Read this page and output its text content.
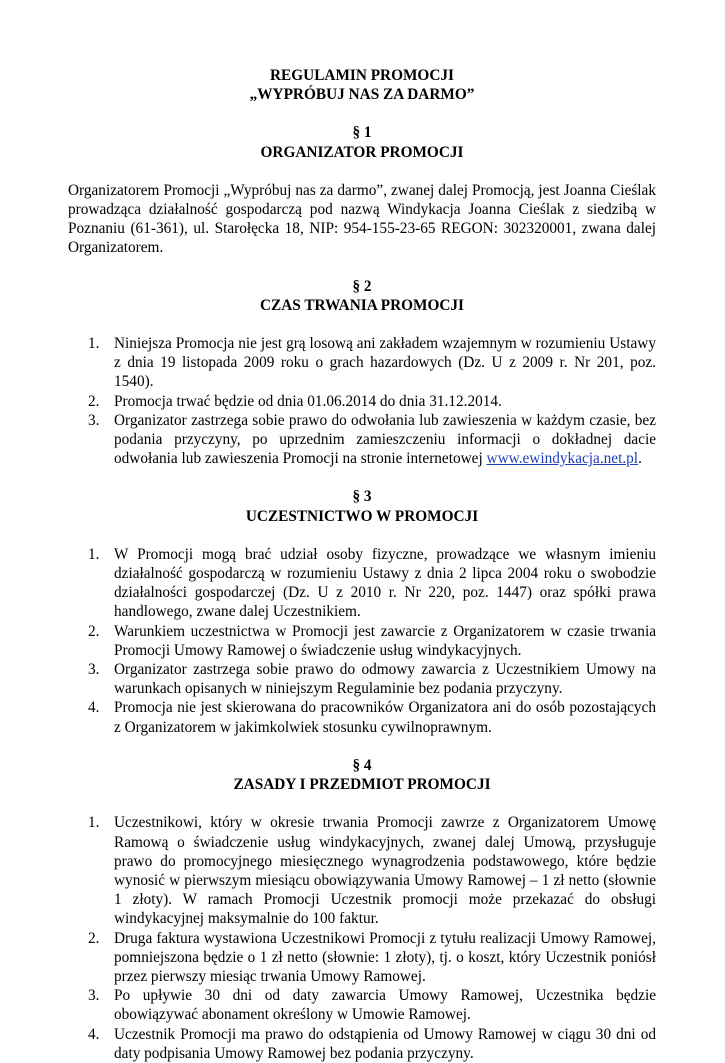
REGULAMIN PROMOCJI
„WYPRÓBUJ NAS ZA DARMO”
§ 1
ORGANIZATOR PROMOCJI

Organizatorem Promocji „Wypróbuj nas za darmo”, zwanej dalej Promocją, jest Joanna Cieślak prowadząca działalność gospodarczą pod nazwą Windykacja Joanna Cieślak z siedzibą w Poznaniu (61-361), ul. Starołęcka 18, NIP: 954-155-23-65 REGON: 302320001, zwana dalej Organizatorem.

§ 2
CZAS TRWANIA PROMOCJI
1. Niniejsza Promocja nie jest grą losową ani zakładem wzajemnym w rozumieniu Ustawy z dnia 19 listopada 2009 roku o grach hazardowych (Dz. U z 2009 r. Nr 201, poz. 1540).
2. Promocja trwać będzie od dnia 01.06.2014 do dnia 31.12.2014.
3. Organizator zastrzega sobie prawo do odwołania lub zawieszenia w każdym czasie, bez podania przyczyny, po uprzednim zamieszczeniu informacji o dokładnej dacie odwołania lub zawieszenia Promocji na stronie internetowej www.ewindykacja.net.pl.
§ 3
UCZESTNICTWO W PROMOCJI
1. W Promocji mogą brać udział osoby fizyczne, prowadzące we własnym imieniu działalność gospodarczą w rozumieniu Ustawy z dnia 2 lipca 2004 roku o swobodzie działalności gospodarczej (Dz. U z 2010 r. Nr 220, poz. 1447) oraz spółki prawa handlowego, zwane dalej Uczestnikiem.
2. Warunkiem uczestnictwa w Promocji jest zawarcie z Organizatorem w czasie trwania Promocji Umowy Ramowej o świadczenie usług windykacyjnych.
3. Organizator zastrzega sobie prawo do odmowy zawarcia z Uczestnikiem Umowy na warunkach opisanych w niniejszym Regulaminie bez podania przyczyny.
4. Promocja nie jest skierowana do pracowników Organizatora ani do osób pozostających z Organizatorem w jakimkolwiek stosunku cywilnoprawnym.
§ 4
ZASADY I PRZEDMIOT PROMOCJI
1. Uczestnikowi, który w okresie trwania Promocji zawrze z Organizatorem Umowę Ramową o świadczenie usług windykacyjnych, zwanej dalej Umową, przysługuje prawo do promocyjnego miesięcznego wynagrodzenia podstawowego, które będzie wynosić w pierwszym miesiącu obowiązywania Umowy Ramowej – 1 zł netto (słownie 1 złoty). W ramach Promocji Uczestnik promocji może przekazać do obsługi windykacyjnej maksymalnie do 100 faktur.
2. Druga faktura wystawiona Uczestnikowi Promocji z tytułu realizacji Umowy Ramowej, pomniejszona będzie o 1 zł netto (słownie: 1 złoty), tj. o koszt, który Uczestnik poniósł przez pierwszy miesiąc trwania Umowy Ramowej.
3. Po upływie 30 dni od daty zawarcia Umowy Ramowej, Uczestnika będzie obowiązywać abonament określony w Umowie Ramowej.
4. Uczestnik Promocji ma prawo do odstąpienia od Umowy Ramowej w ciągu 30 dni od daty podpisania Umowy Ramowej bez podania przyczyny.
